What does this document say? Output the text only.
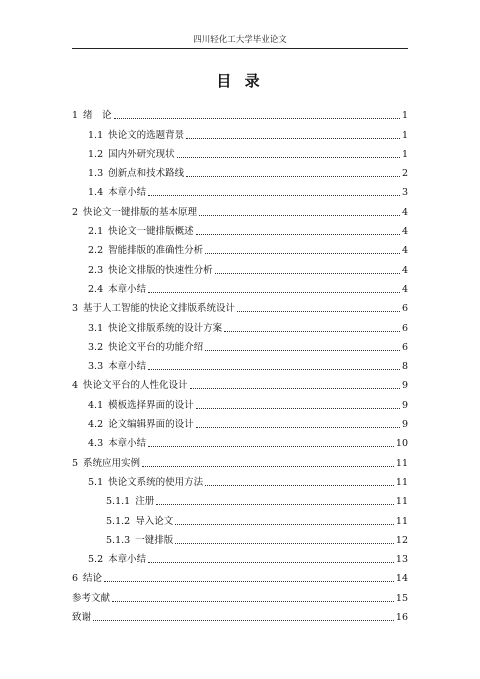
四川轻化工大学毕业论文
目 录
1 绪　论	1
1.1 快论文的选题背景	1
1.2 国内外研究现状	1
1.3 创新点和技术路线	2
1.4 本章小结	3
2 快论文一键排版的基本原理	4
2.1 快论文一键排版概述	4
2.2 智能排版的准确性分析	4
2.3 快论文排版的快速性分析	4
2.4 本章小结	4
3 基于人工智能的快论文排版系统设计	6
3.1 快论文排版系统的设计方案	6
3.2 快论文平台的功能介绍	6
3.3 本章小结	8
4 快论文平台的人性化设计	9
4.1 模板选择界面的设计	9
4.2 论文编辑界面的设计	9
4.3 本章小结	10
5 系统应用实例	11
5.1 快论文系统的使用方法	11
5.1.1 注册	11
5.1.2 导入论文	11
5.1.3 一键排版	12
5.2 本章小结	13
6 结论	14
参考文献	15
致谢	16
